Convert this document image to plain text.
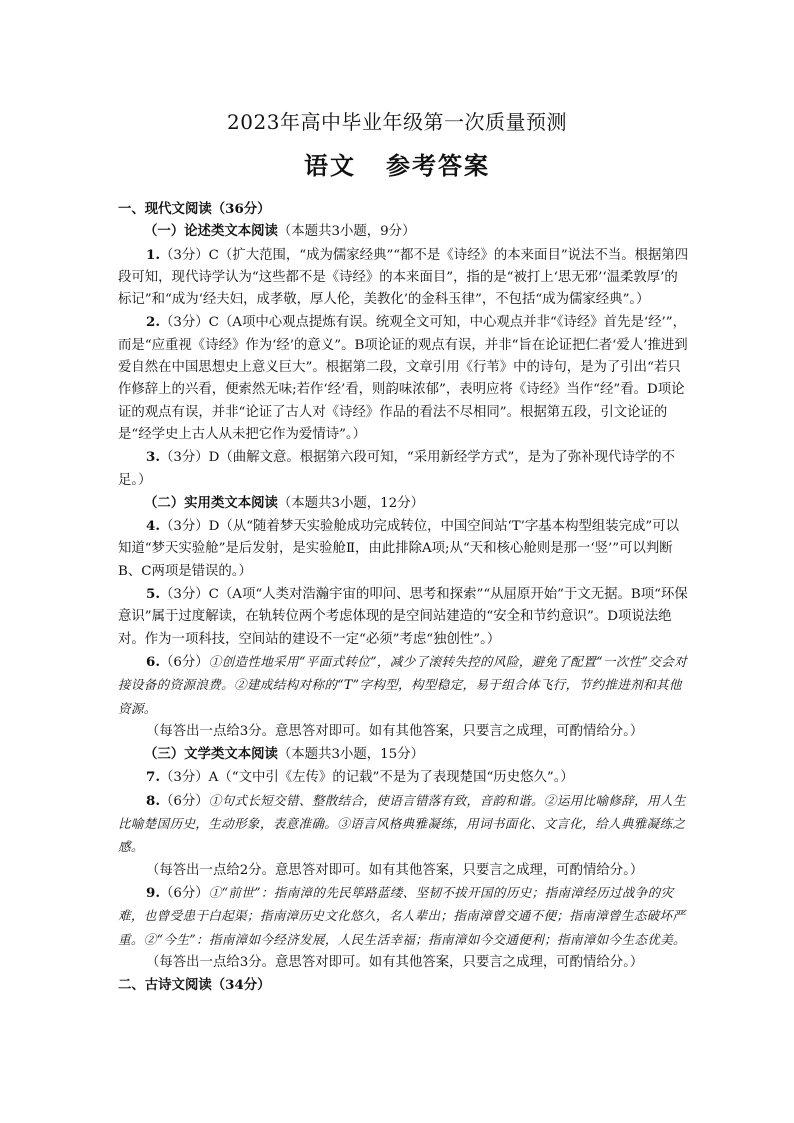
2023年高中毕业年级第一次质量预测
语文 参考答案

一、现代文阅读（36分）

（一）论述类文本阅读（本题共3小题，9分）

1.（3分）C（扩大范围，“成为儒家经典”“都不是《诗经》的本来面目”说法不当。根据第四段可知，现代诗学认为“这些都不是《诗经》的本来面目”，指的是“被打上‘思无邪’‘温柔敦厚’的标记”和“成为‘经夫妇，成孝敬，厚人伦，美教化’的金科玉律”，不包括“成为儒家经典”。）

2.（3分）C（A项中心观点提炼有误。统观全文可知，中心观点并非“《诗经》首先是‘经’”，而是“应重视《诗经》作为‘经’的意义”。B项论证的观点有误，并非“旨在论证把仁者‘爱人’推进到爱自然在中国思想史上意义巨大”。根据第二段，文章引用《行苇》中的诗句，是为了引出“若只作修辞上的兴看，便索然无味;若作‘经’看，则韵味浓郁”，表明应将《诗经》当作“经”看。D项论证的观点有误，并非“论证了古人对《诗经》作品的看法不尽相同”。根据第五段，引文论证的是“经学史上古人从未把它作为爱情诗”。）

3.（3分）D（曲解文意。根据第六段可知，“采用新经学方式”，是为了弥补现代诗学的不足。）

（二）实用类文本阅读（本题共3小题，12分）

4.（3分）D（从“随着梦天实验舱成功完成转位，中国空间站‘T’字基本构型组装完成”可以知道“梦天实验舱”是后发射，是实验舱Ⅱ，由此排除A项;从“天和核心舱则是那一‘竖’”可以判断B、C两项是错误的。）

5.（3分）C（A项“人类对浩瀚宇宙的叩问、思考和探索”“从屈原开始”于文无据。B项“环保意识”属于过度解读，在轨转位两个考虑体现的是空间站建造的“安全和节约意识”。D项说法绝对。作为一项科技，空间站的建设不一定“必须”考虑“独创性”。）

6.（6分）①创造性地采用“平面式转位”，减少了滚转失控的风险，避免了配置“一次性”交会对接设备的资源浪费。②建成结构对称的“T”字构型，构型稳定，易于组合体飞行，节约推进剂和其他资源。

（每答出一点给3分。意思答对即可。如有其他答案，只要言之成理，可酌情给分。）

（三）文学类文本阅读（本题共3小题，15分）

7.（3分）A（“文中引《左传》的记载”不是为了表现楚国“历史悠久”。）

8.（6分）①句式长短交错、整散结合，使语言错落有致，音韵和谐。②运用比喻修辞，用人生比喻楚国历史，生动形象，表意准确。③语言风格典雅凝练，用词书面化、文言化，给人典雅凝练之感。

（每答出一点给2分。意思答对即可。如有其他答案，只要言之成理，可酌情给分。）

9.（6分）①“前世”：指南漳的先民筚路蓝缕、坚韧不拔开国的历史；指南漳经历过战争的灾难，也曾受患于白起渠；指南漳历史文化悠久，名人辈出；指南漳曾交通不便；指南漳曾生态破坏严重。②“今生”：指南漳如今经济发展，人民生活幸福；指南漳如今交通便利；指南漳如今生态优美。

（每答出一点给3分。意思答对即可。如有其他答案，只要言之成理，可酌情给分。）

二、古诗文阅读（34分）
